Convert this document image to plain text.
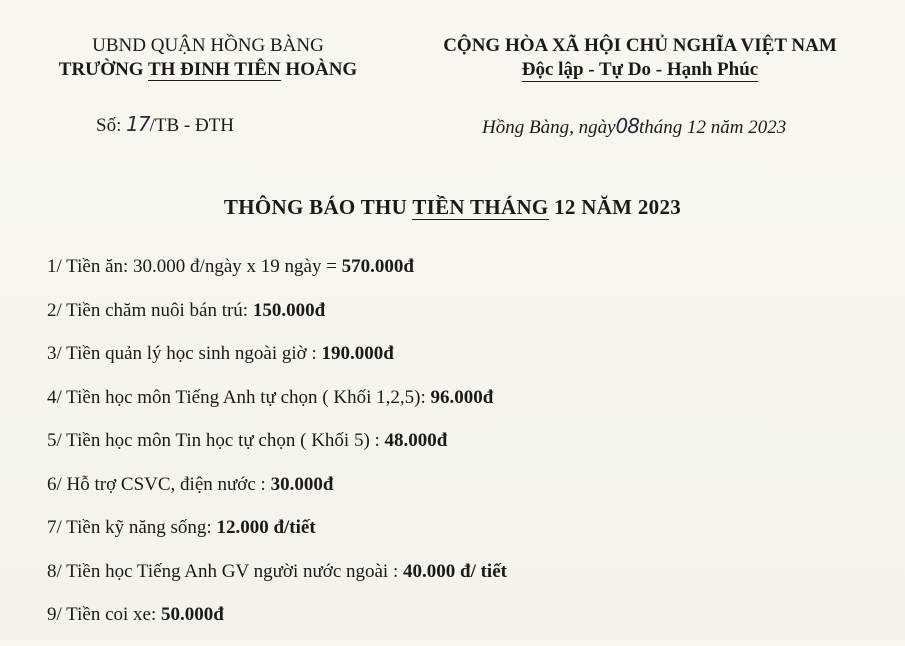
UBND QUẬN HỒNG BÀNG
TRƯỜNG TH ĐINH TIÊN HOÀNG
CỘNG HÒA XÃ HỘI CHỦ NGHĨA VIỆT NAM
Độc lập - Tự Do - Hạnh Phúc
Số: 17/TB - ĐTH	Hồng Bàng, ngày08tháng 12 năm 2023
THÔNG BÁO THU TIỀN THÁNG 12 NĂM 2023
1/ Tiền ăn: 30.000 đ/ngày x 19 ngày = 570.000đ
2/ Tiền chăm nuôi bán trú: 150.000đ
3/ Tiền quản lý học sinh ngoài giờ : 190.000đ
4/ Tiền học môn Tiếng Anh tự chọn ( Khối 1,2,5): 96.000đ
5/ Tiền học môn Tin học tự chọn ( Khối 5) : 48.000đ
6/ Hỗ trợ CSVC, điện nước : 30.000đ
7/ Tiền kỹ năng sống: 12.000 đ/tiết
8/ Tiền học Tiếng Anh GV người nước ngoài : 40.000 đ/ tiết
9/ Tiền coi xe: 50.000đ
